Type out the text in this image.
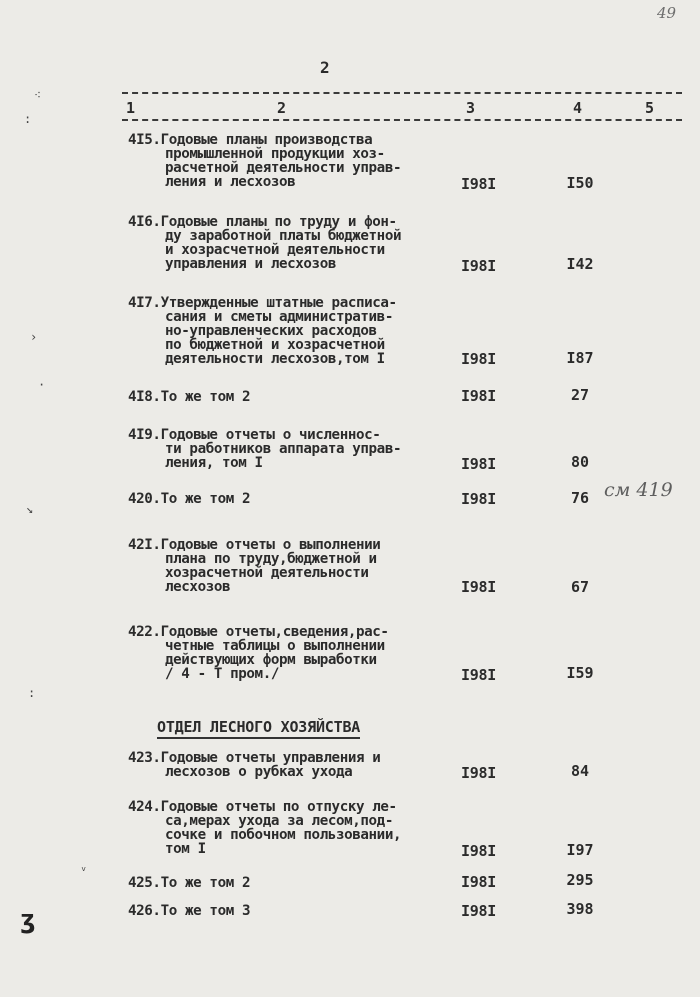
49
2
1	2	3	4	5
4I5.Годовые планы производства
промышленной продукции хоз-
расчетной деятельности управ-
ления и лесхозов	I98I	I50
4I6.Годовые планы по труду и фон-
ду заработной платы бюджетной
и хозрасчетной деятельности
управления и лесхозов	I98I	I42
4I7.Утвержденные штатные расписа-
сания и сметы административ-
но-управленческих расходов
по бюджетной и хозрасчетной
деятельности лесхозов,том I	I98I	I87
4I8.То же том 2	I98I	27
4I9.Годовые отчеты о численнос-
ти работников аппарата управ-
ления, том I	I98I	80
420.То же том 2	I98I	76 см 419
42I.Годовые отчеты о выполнении
плана по труду,бюджетной и
хозрасчетной деятельности
лесхозов	I98I	67
422.Годовые отчеты,сведения,рас-
четные таблицы о выполнении
действующих форм выработки
/ 4 - Т пром./	I98I	I59
ОТДЕЛ ЛЕСНОГО ХОЗЯЙСТВА
423.Годовые отчеты управления и
лесхозов о рубках ухода	I98I	84
424.Годовые отчеты по отпуску ле-
са,мерах ухода за лесом,под-
сочке и побочном пользовании,
том I	I98I	I97
425.То же том 2	I98I	295
426.То же том 3	I98I	398
⁖
:
›
·
↘
:
ᵥ
ʒ
